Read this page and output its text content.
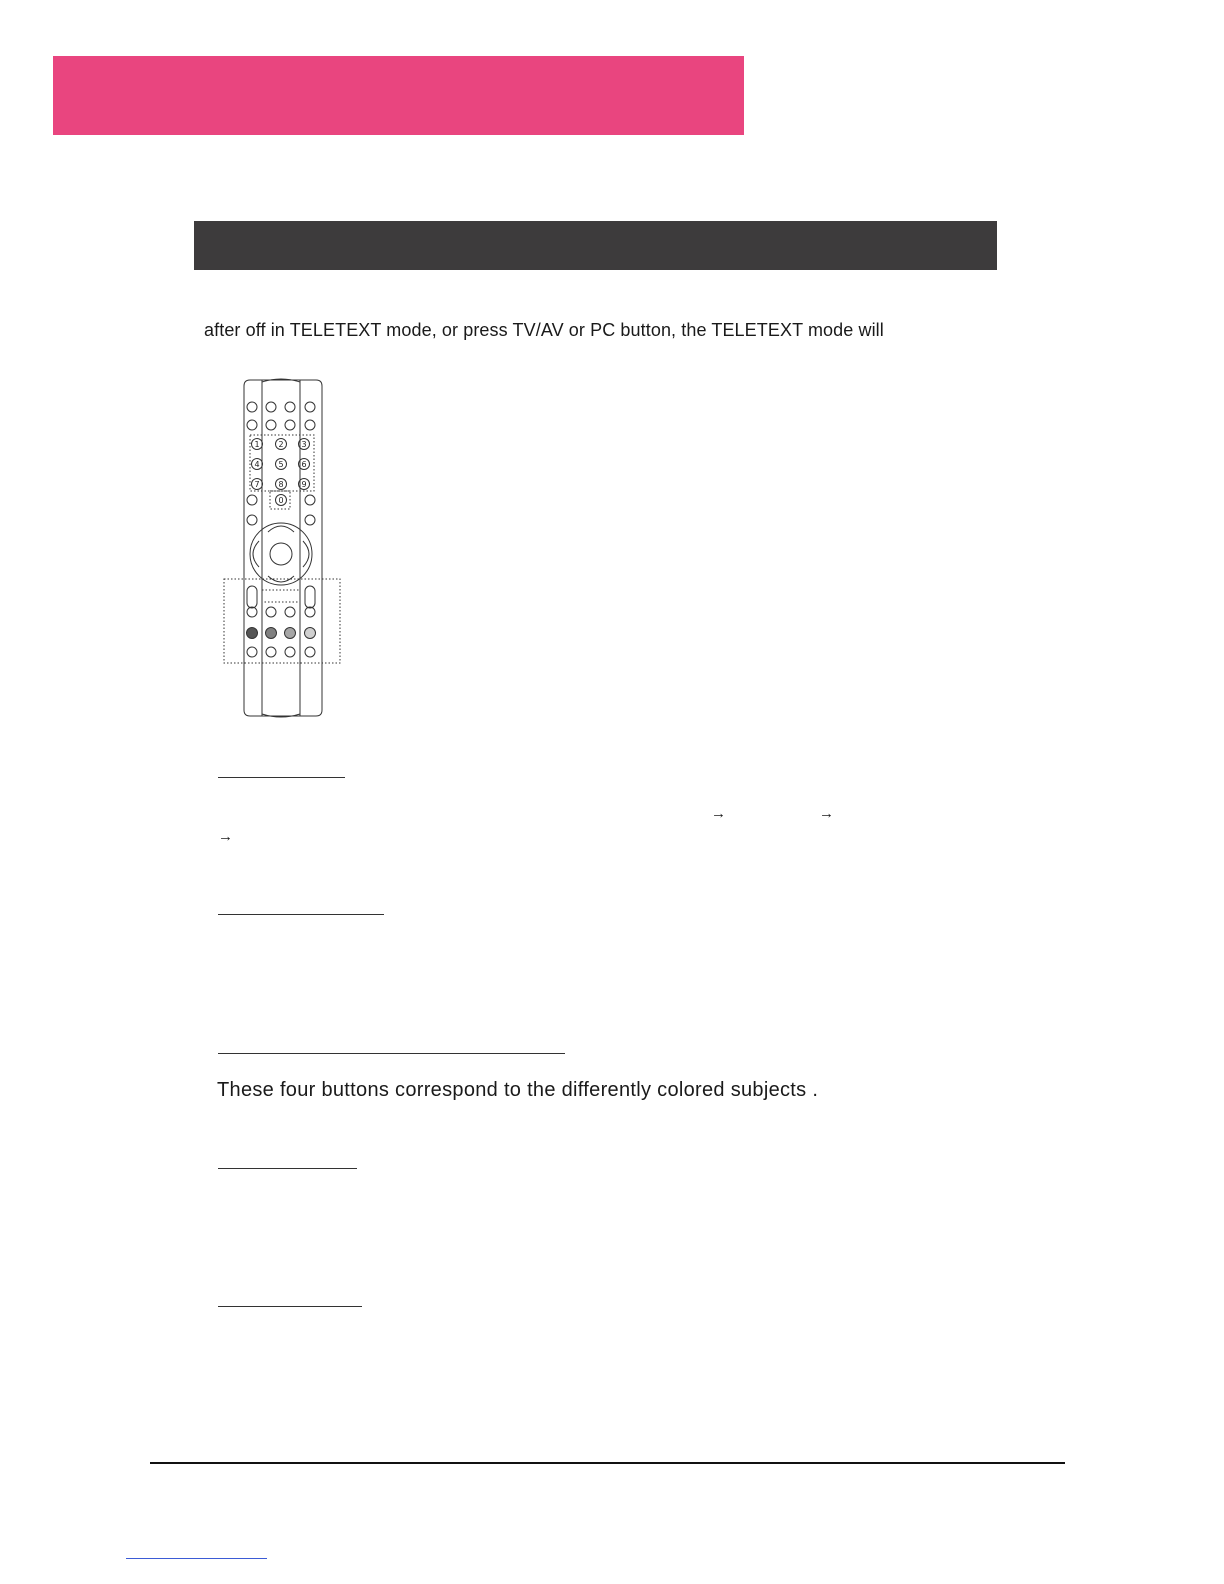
after off in TELETEXT mode, or press TV/AV or PC button, the TELETEXT mode will
1 2 3
4 5 6
7 8 9
0
→	→
→
These four buttons correspond to the differently colored subjects .
